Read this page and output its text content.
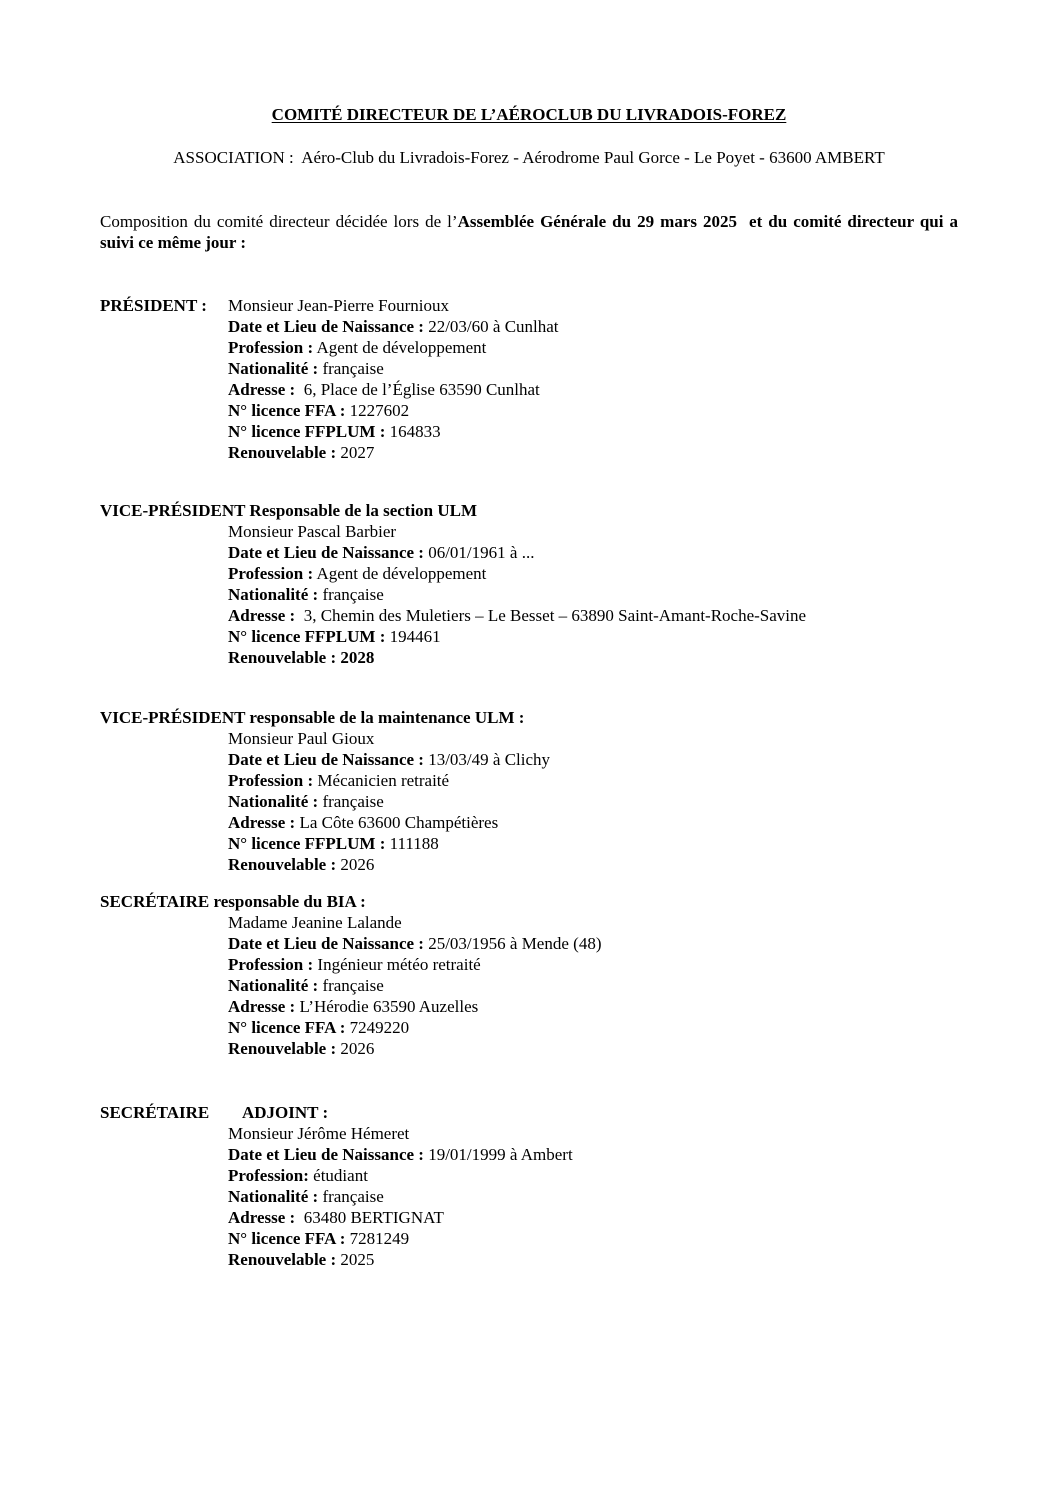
COMITÉ DIRECTEUR DE L’AÉROCLUB DU LIVRADOIS-FOREZ
ASSOCIATION :  Aéro-Club du Livradois-Forez - Aérodrome Paul Gorce - Le Poyet - 63600 AMBERT

Composition du comité directeur décidée lors de l’Assemblée Générale du 29 mars 2025  et du comité directeur qui a suivi ce même jour :

PRÉSIDENT : Monsieur Jean-Pierre Fournioux
Date et Lieu de Naissance : 22/03/60 à Cunlhat
Profession : Agent de développement
Nationalité : française
Adresse :  6, Place de l’Église 63590 Cunlhat
N° licence FFA : 1227602
N° licence FFPLUM : 164833
Renouvelable : 2027
VICE-PRÉSIDENT Responsable de la section ULM
Monsieur Pascal Barbier
Date et Lieu de Naissance : 06/01/1961 à ...
Profession : Agent de développement
Nationalité : française
Adresse :  3, Chemin des Muletiers – Le Besset – 63890 Saint-Amant-Roche-Savine
N° licence FFPLUM : 194461
Renouvelable : 2028
VICE-PRÉSIDENT responsable de la maintenance ULM :
Monsieur Paul Gioux
Date et Lieu de Naissance : 13/03/49 à Clichy
Profession : Mécanicien retraité
Nationalité : française
Adresse : La Côte 63600 Champétières
N° licence FFPLUM : 111188
Renouvelable : 2026
SECRÉTAIRE responsable du BIA :
Madame Jeanine Lalande
Date et Lieu de Naissance : 25/03/1956 à Mende (48)
Profession : Ingénieur météo retraité
Nationalité : française
Adresse : L’Hérodie 63590 Auzelles
N° licence FFA : 7249220
Renouvelable : 2026
SECRÉTAIRE ADJOINT :
Monsieur Jérôme Hémeret
Date et Lieu de Naissance : 19/01/1999 à Ambert
Profession: étudiant
Nationalité : française
Adresse :  63480 BERTIGNAT
N° licence FFA : 7281249
Renouvelable : 2025
